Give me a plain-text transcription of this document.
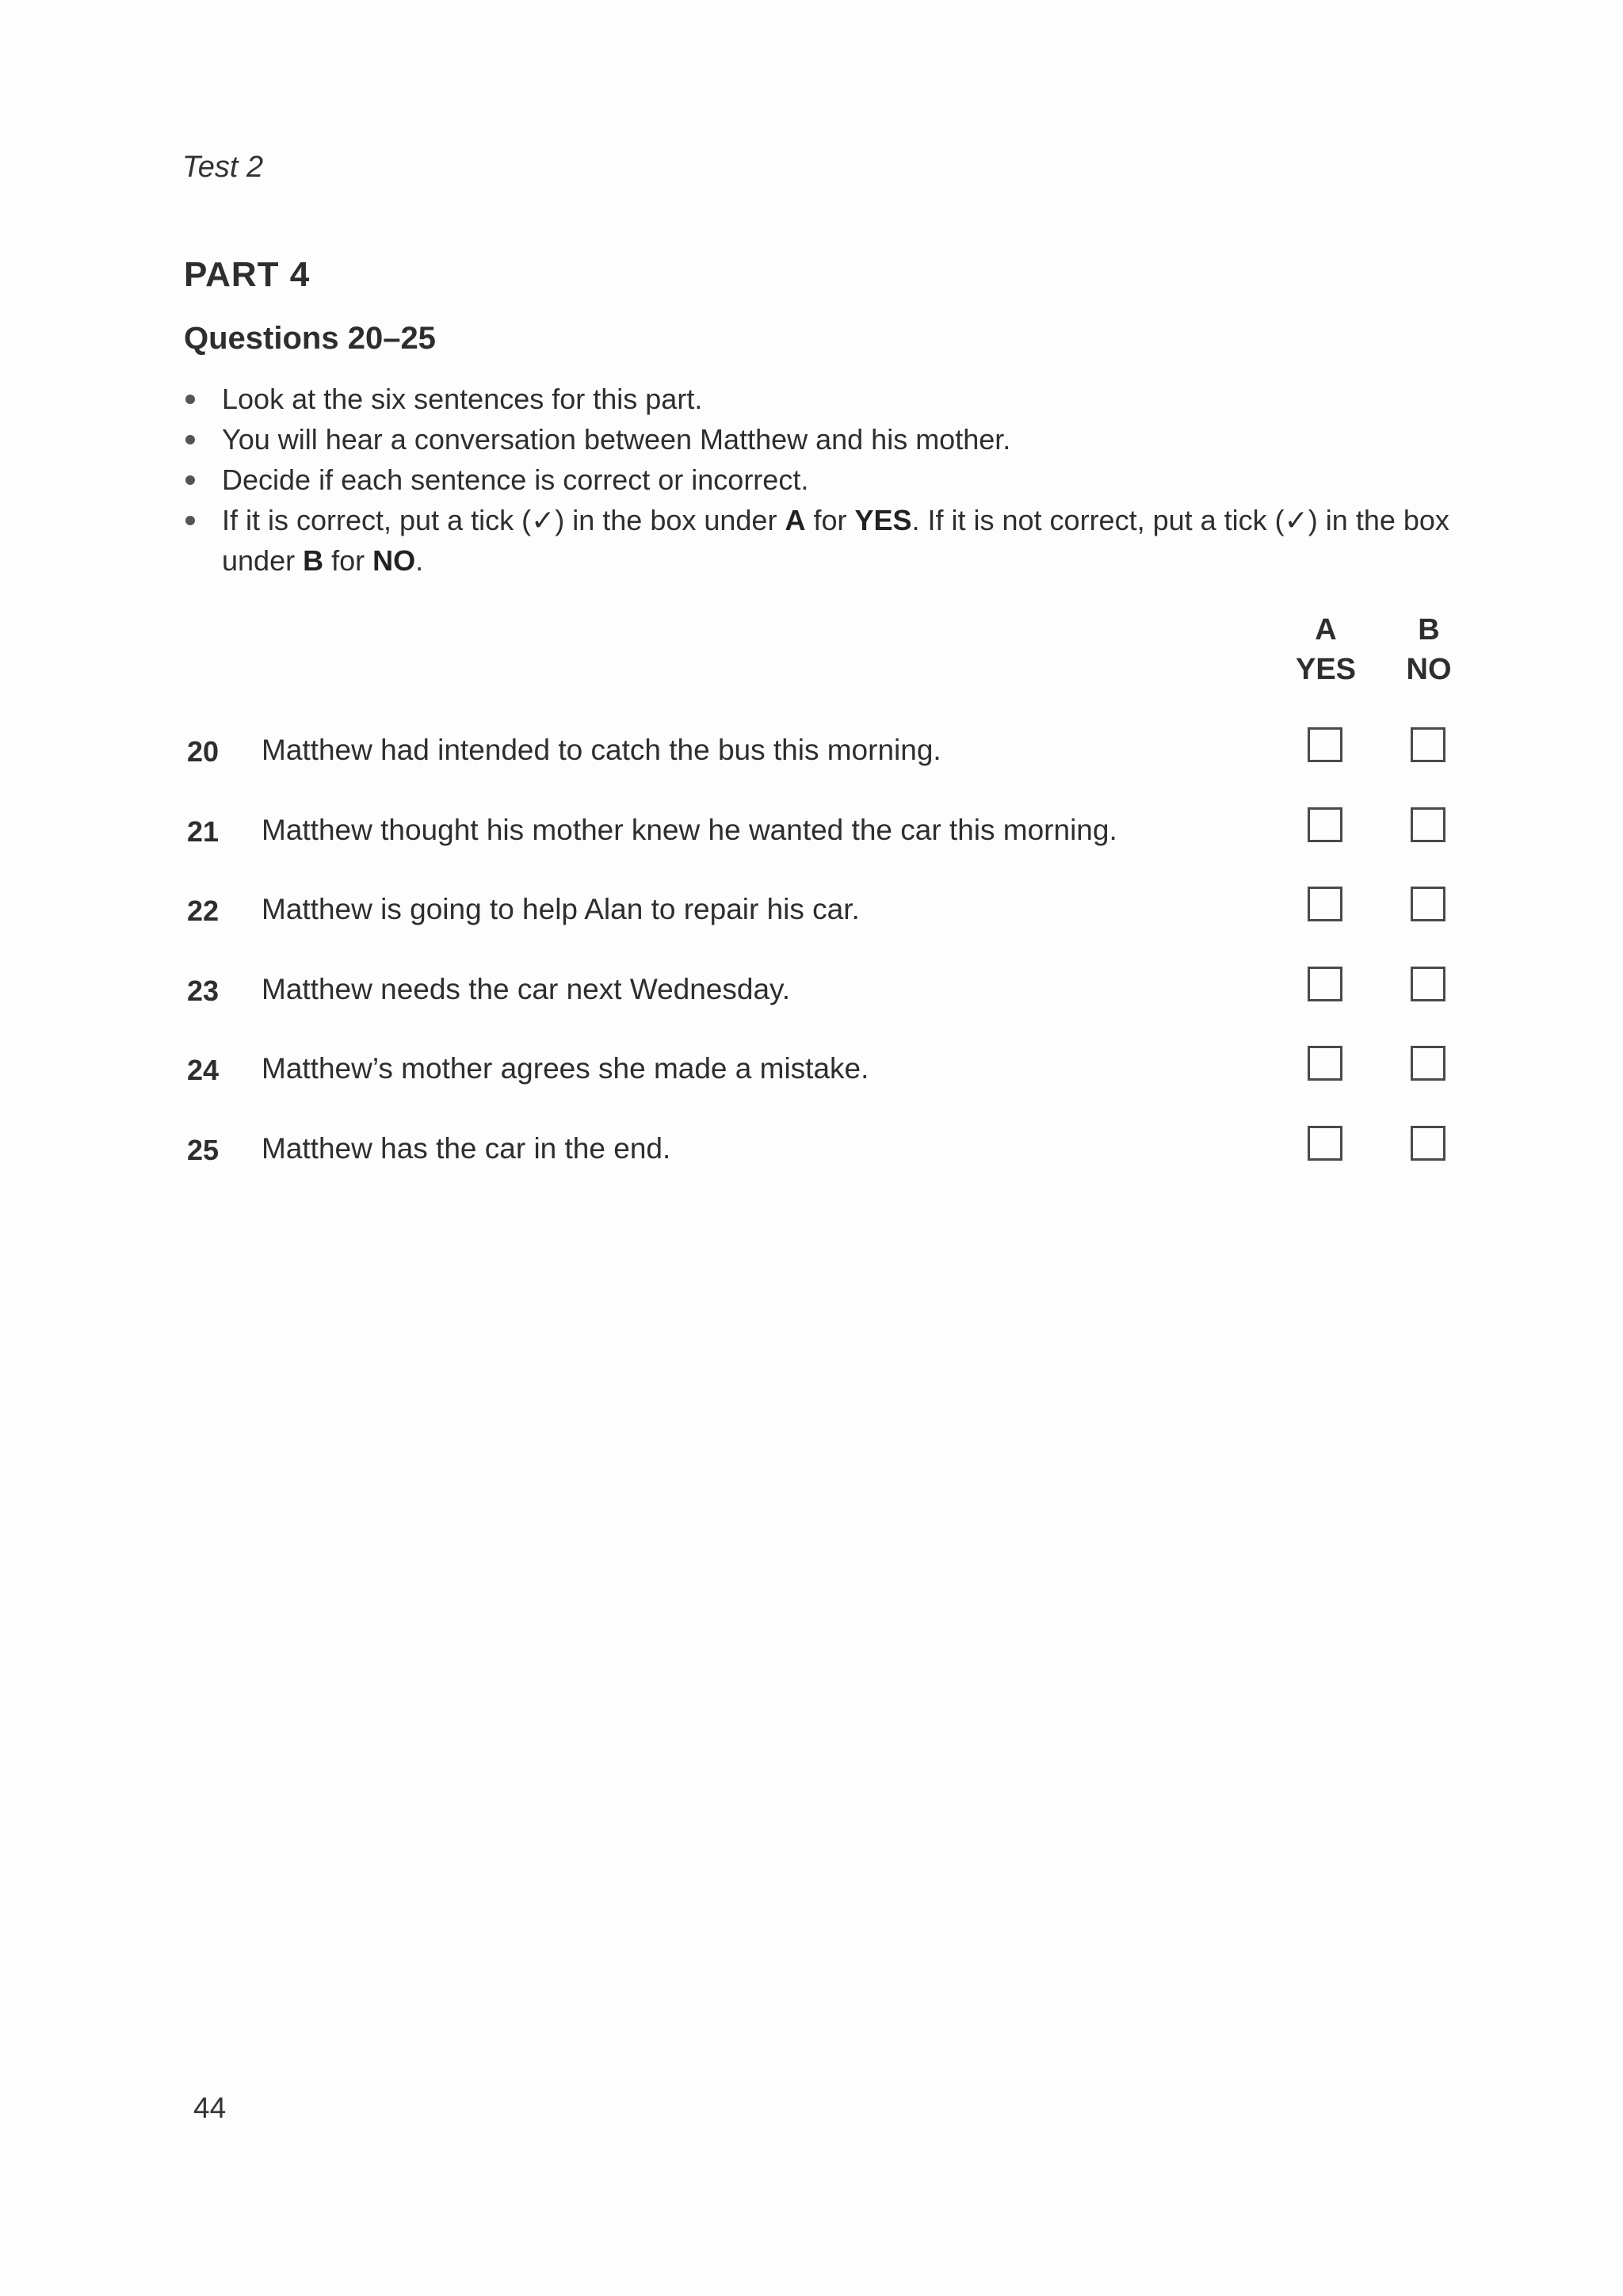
Test 2
PART 4
Questions 20–25
Look at the six sentences for this part.
You will hear a conversation between Matthew and his mother.
Decide if each sentence is correct or incorrect.
If it is correct, put a tick (✓) in the box under A for YES. If it is not correct, put a tick (✓) in the box under B for NO.
A
YES
B
NO
20 Matthew had intended to catch the bus this morning.
21 Matthew thought his mother knew he wanted the car this morning.
22 Matthew is going to help Alan to repair his car.
23 Matthew needs the car next Wednesday.
24 Matthew’s mother agrees she made a mistake.
25 Matthew has the car in the end.
44
